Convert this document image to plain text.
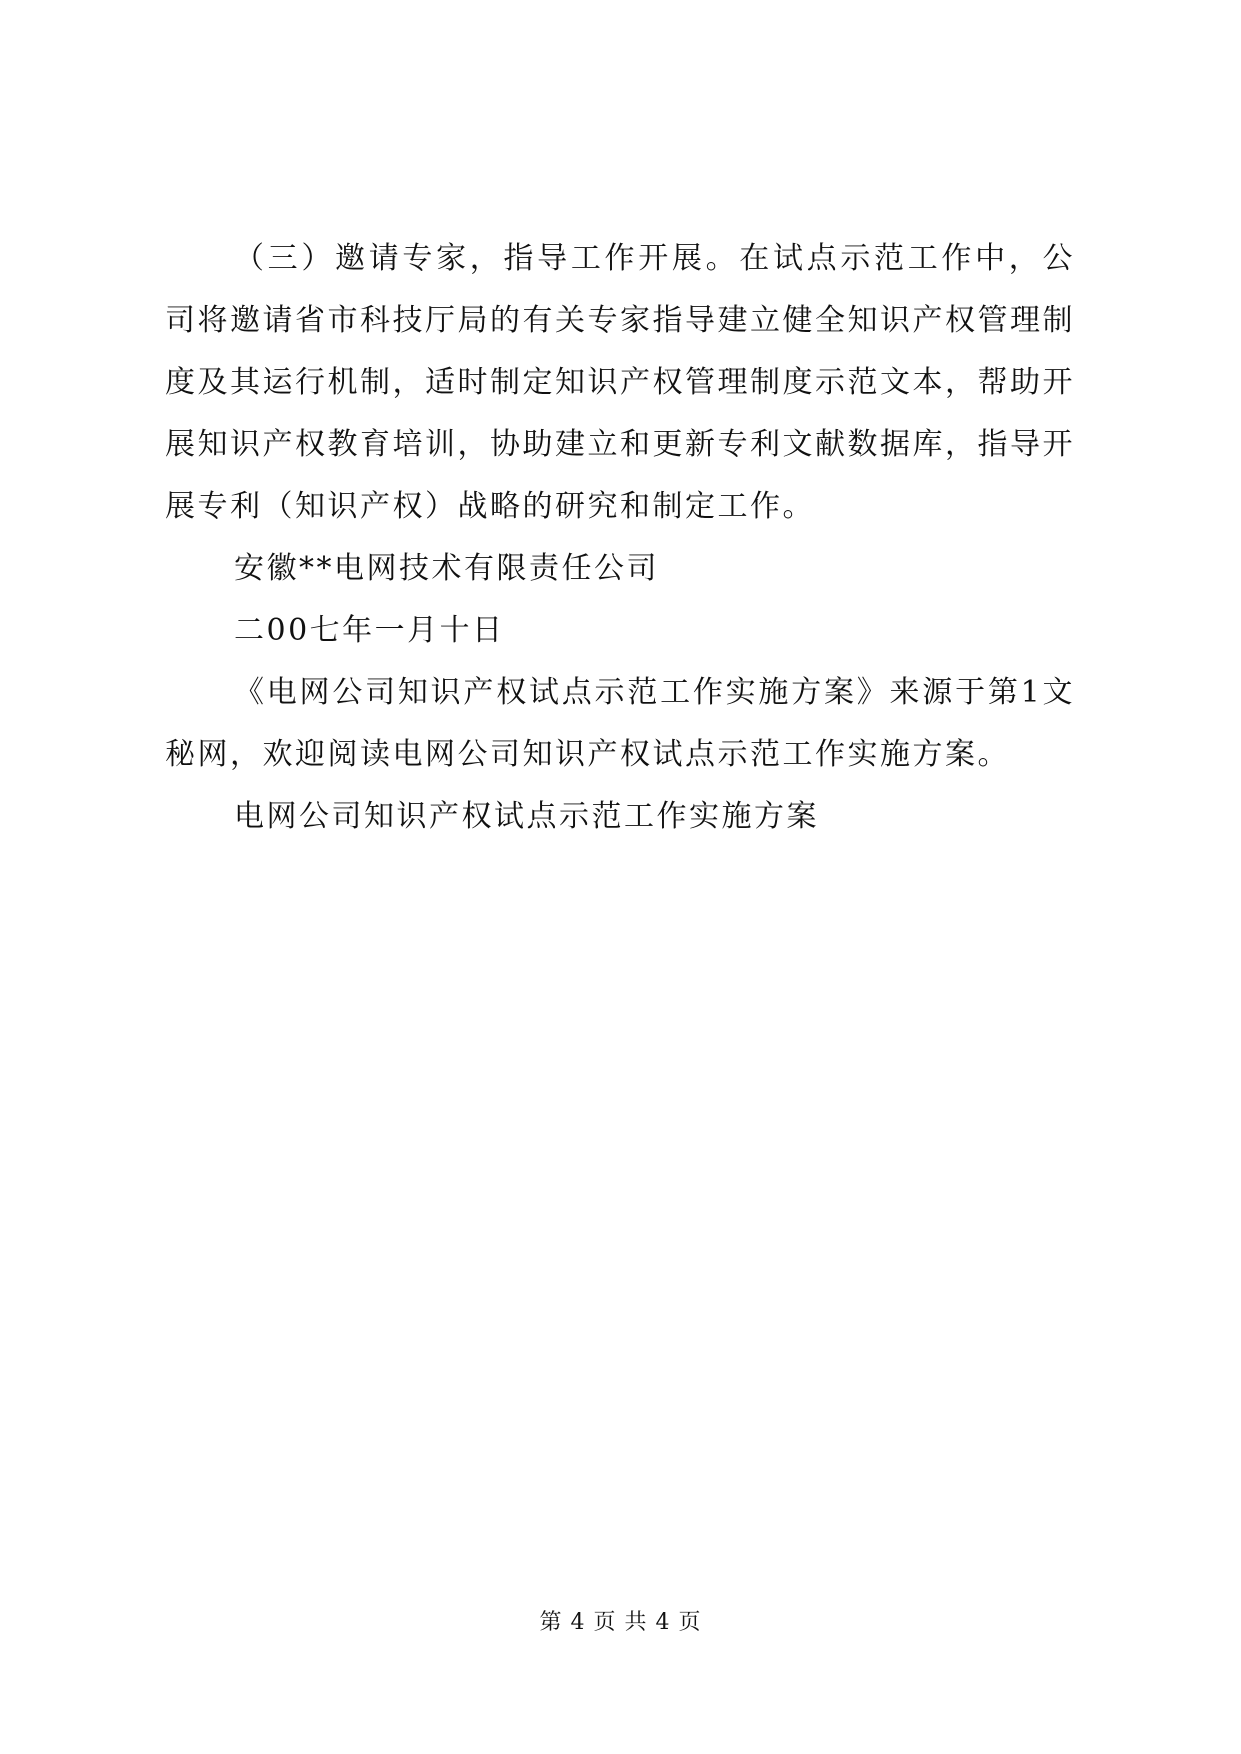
（三）邀请专家，指导工作开展。在试点示范工作中，公司将邀请省市科技厅局的有关专家指导建立健全知识产权管理制度及其运行机制，适时制定知识产权管理制度示范文本，帮助开展知识产权教育培训，协助建立和更新专利文献数据库，指导开展专利（知识产权）战略的研究和制定工作。

安徽**电网技术有限责任公司

二00七年一月十日

《电网公司知识产权试点示范工作实施方案》来源于第1文秘网，欢迎阅读电网公司知识产权试点示范工作实施方案。

电网公司知识产权试点示范工作实施方案

第 4 页 共 4 页
